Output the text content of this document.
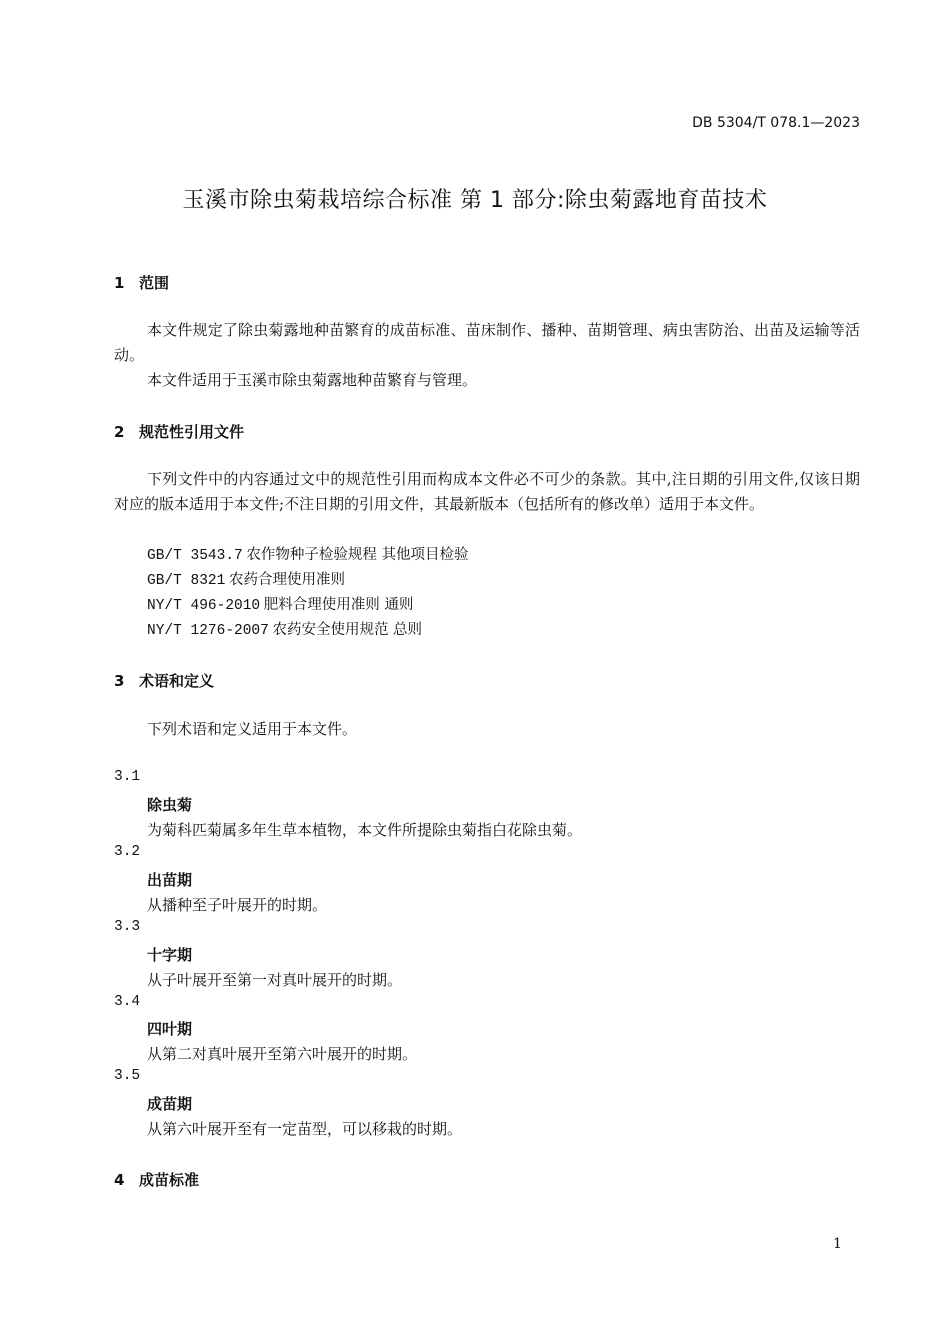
DB 5304/T 078.1—2023
玉溪市除虫菊栽培综合标准 第 1 部分:除虫菊露地育苗技术
1 范围

本文件规定了除虫菊露地种苗繁育的成苗标准、苗床制作、播种、苗期管理、病虫害防治、出苗及运输等活动。

本文件适用于玉溪市除虫菊露地种苗繁育与管理。

2 规范性引用文件

下列文件中的内容通过文中的规范性引用而构成本文件必不可少的条款。其中,注日期的引用文件,仅该日期对应的版本适用于本文件;不注日期的引用文件，其最新版本（包括所有的修改单）适用于本文件。

GB/T 3543.7 农作物种子检验规程 其他项目检验
GB/T 8321 农药合理使用准则
NY/T 496-2010 肥料合理使用准则 通则
NY/T 1276-2007 农药安全使用规范 总则
3 术语和定义
下列术语和定义适用于本文件。
3.1
除虫菊
为菊科匹菊属多年生草本植物，本文件所提除虫菊指白花除虫菊。
3.2
出苗期
从播种至子叶展开的时期。
3.3
十字期
从子叶展开至第一对真叶展开的时期。
3.4
四叶期
从第二对真叶展开至第六叶展开的时期。
3.5
成苗期
从第六叶展开至有一定苗型，可以移栽的时期。
4 成苗标准
1
